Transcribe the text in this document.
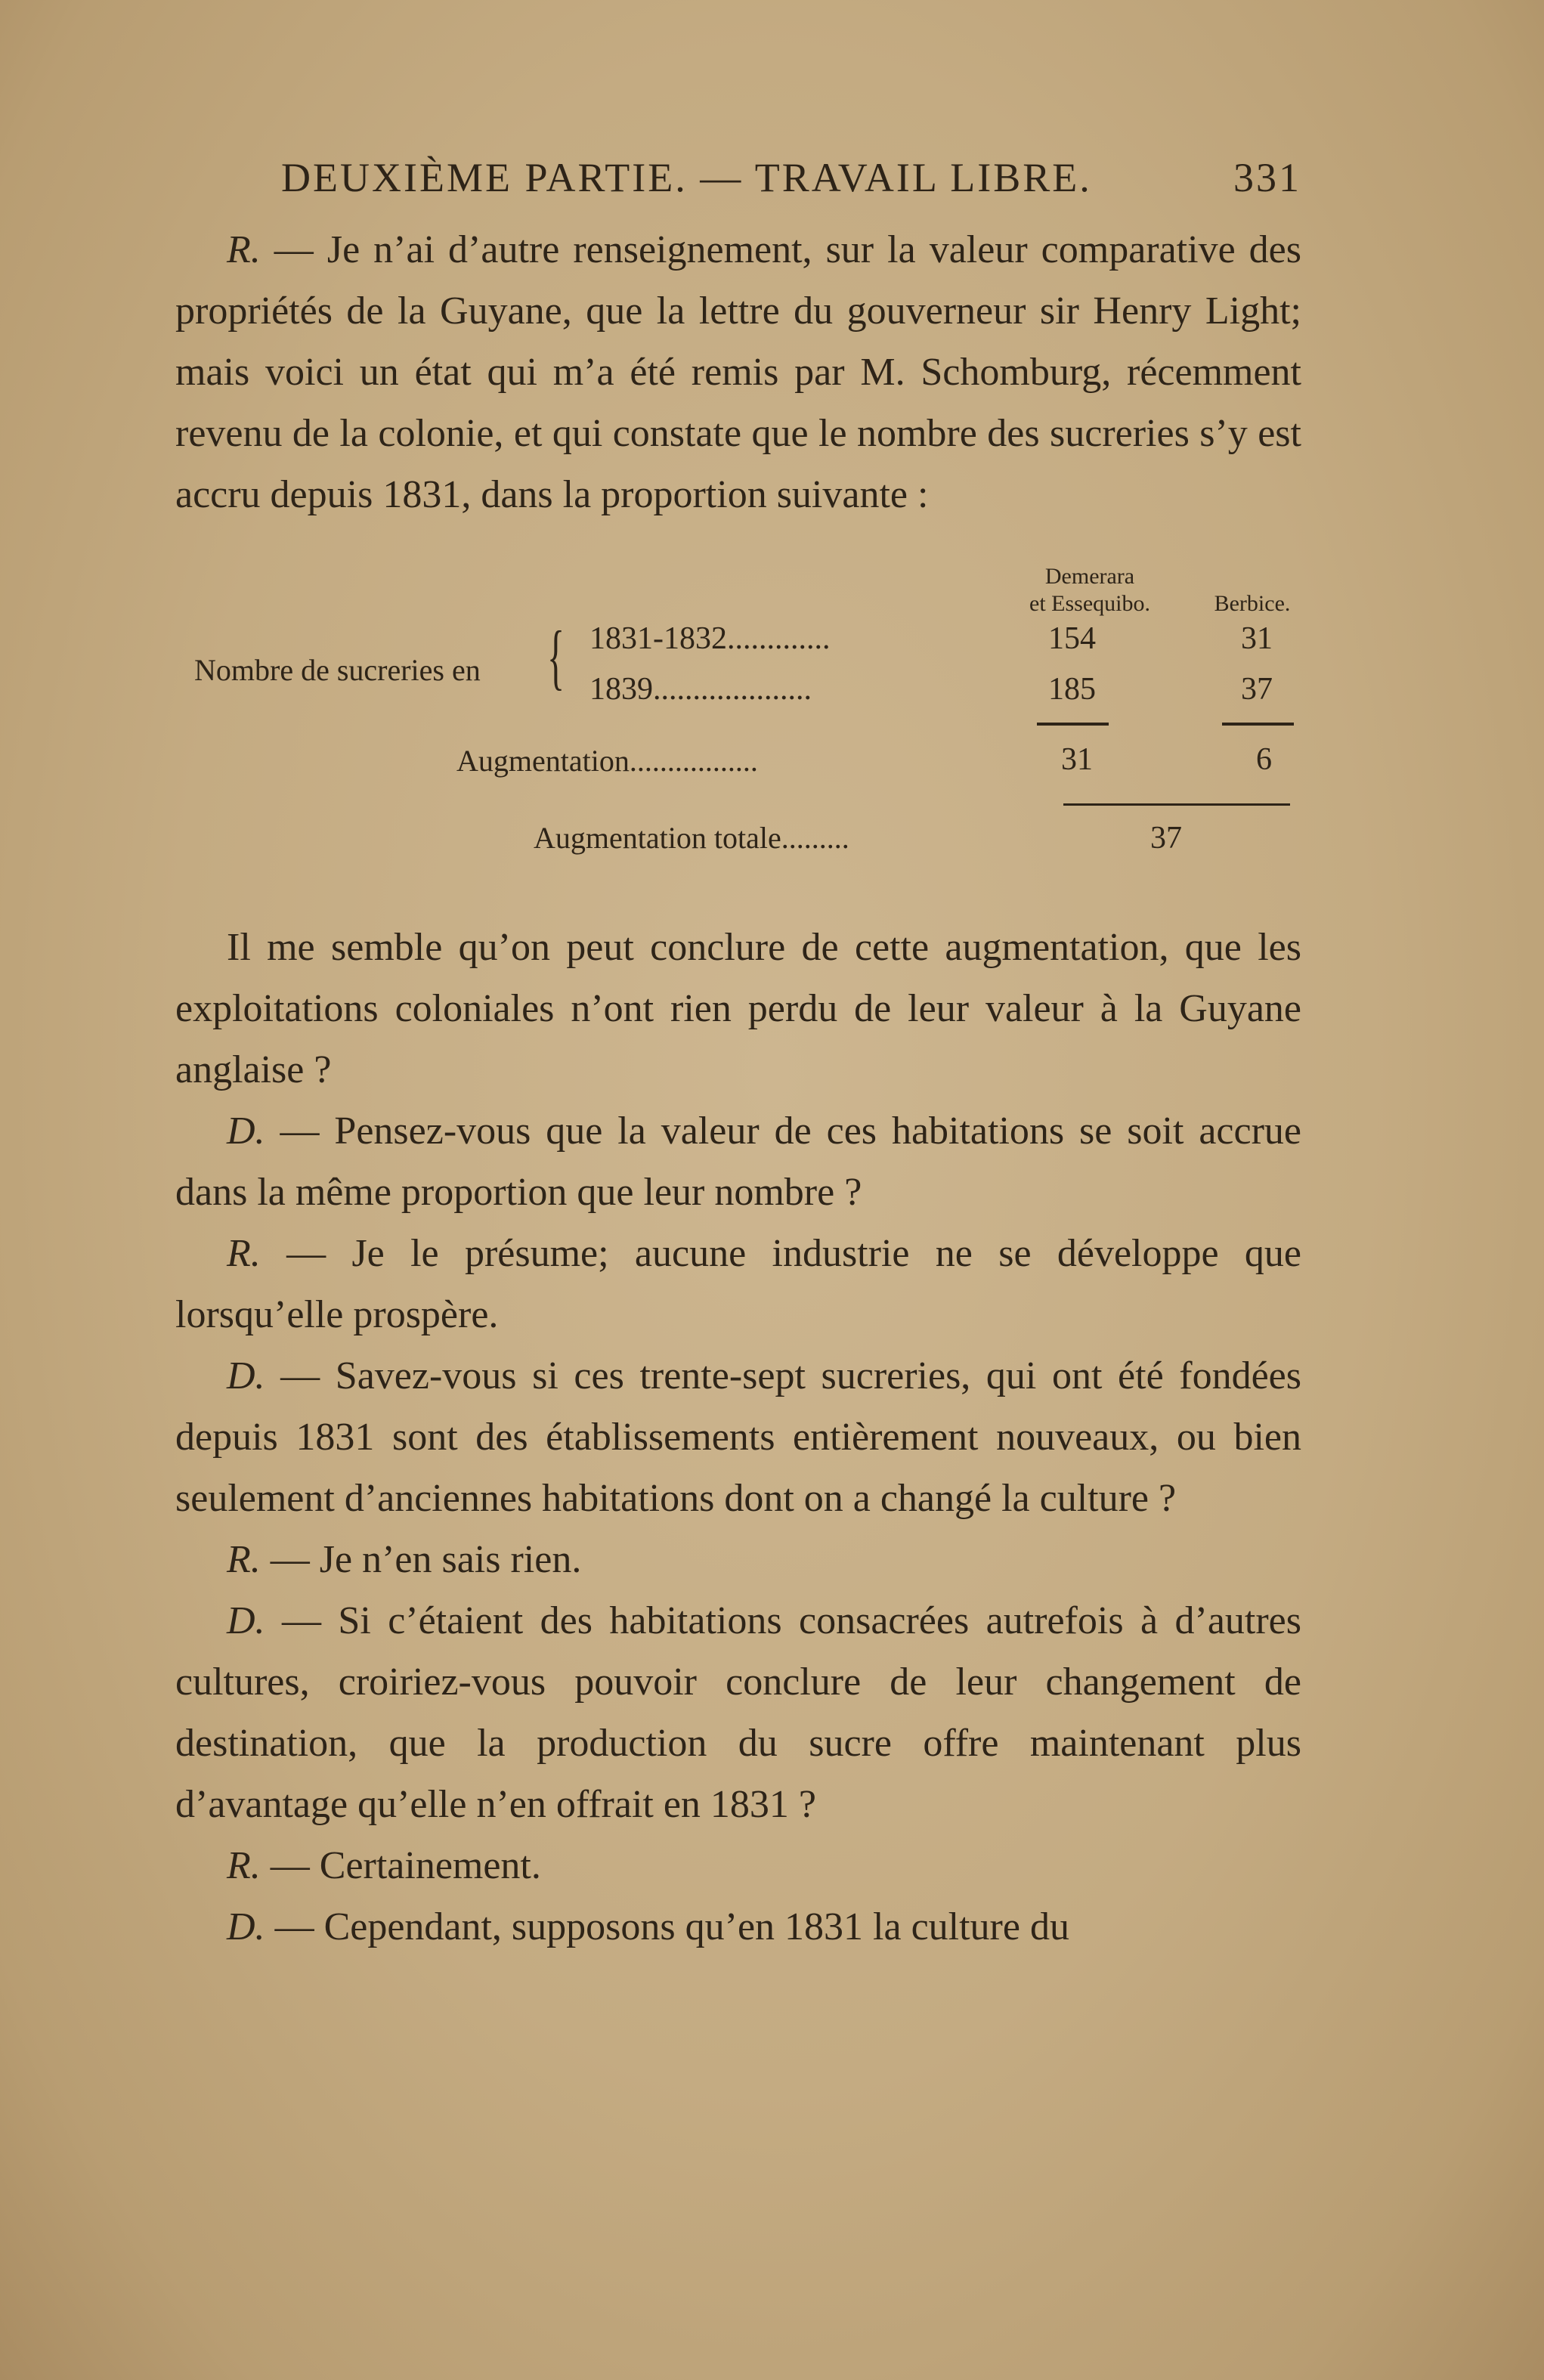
DEUXIÈME PARTIE. — TRAVAIL LIBRE.	331

R. — Je n’ai d’autre renseignement, sur la valeur comparative des propriétés de la Guyane, que la lettre du gouverneur sir Henry Light; mais voici un état qui m’a été remis par M. Schomburg, récemment revenu de la colonie, et qui constate que le nombre des sucreries s’y est accru depuis 1831, dans la proportion suivante :

Demerara
et Essequibo.	Berbice.
Nombre de sucreries en { 1831-1832.............	154	31
1839....................	185	37
Augmentation.................	31	6
Augmentation totale.........	37

Il me semble qu’on peut conclure de cette augmentation, que les exploitations coloniales n’ont rien perdu de leur valeur à la Guyane anglaise ?

D. — Pensez-vous que la valeur de ces habitations se soit accrue dans la même proportion que leur nombre ?

R. — Je le présume; aucune industrie ne se développe que lorsqu’elle prospère.

D. — Savez-vous si ces trente-sept sucreries, qui ont été fondées depuis 1831 sont des établissements entièrement nouveaux, ou bien seulement d’anciennes habitations dont on a changé la culture ?

R. — Je n’en sais rien.

D. — Si c’étaient des habitations consacrées autrefois à d’autres cultures, croiriez-vous pouvoir conclure de leur changement de destination, que la production du sucre offre maintenant plus d’avantage qu’elle n’en offrait en 1831 ?

R. — Certainement.

D. — Cependant, supposons qu’en 1831 la culture du
